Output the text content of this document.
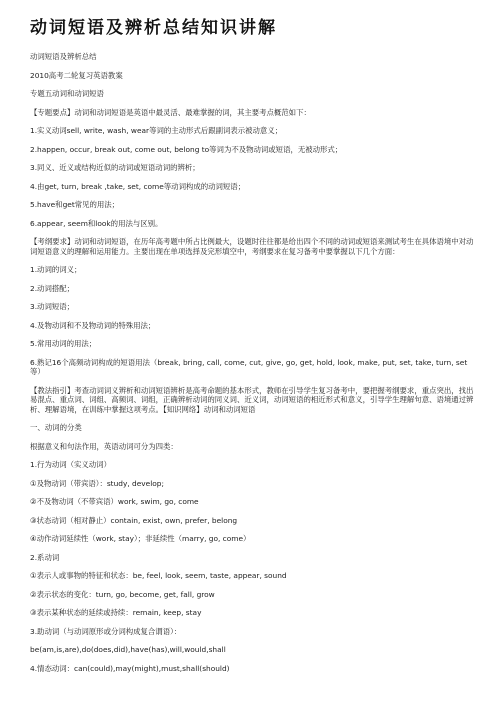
动词短语及辨析总结知识讲解

动词短语及辨析总结

2010高考二轮复习英语教案

专题五动词和动词短语

【专题要点】动词和动词短语是英语中最灵活、最难掌握的词，其主要考点概范如下：

1.实义动词sell, write, wash, wear等词的主动形式后跟副词表示被动意义；

2.happen, occur, break out, come out, belong to等词为不及物动词或短语，无被动形式；

3.同义、近义或结构近似的动词或短语动词的辨析；

4.由get, turn, break ,take, set, come等动词构成的动词短语；

5.have和get常见的用法；

6.appear, seem和look的用法与区别。

【考纲要求】动词和动词短语，在历年高考题中所占比例最大，设题时往往都是给出四个不同的动词或短语来测试考生在具体语境中对动词短语意义的理解和运用能力。主要出现在单项选择及完形填空中，考纲要求在复习备考中要掌握以下几个方面：

1.动词的词义；

2.动词搭配；

3.动词短语；

4.及物动词和不及物动词的特殊用法；

5.常用动词的用法；

6.熟记16个高频动词构成的短语用法（break, bring, call, come, cut, give, go, get, hold, look, make, put, set, take, turn, set等）

【教法指引】考查动词词义辨析和动词短语辨析是高考命题的基本形式，教师在引导学生复习备考中，要把握考纲要求，重点突出，找出易混点、重点词、词组、高频词、词组，正确辨析动词的同义词、近义词，动词短语的相近形式和意义，引导学生理解句意、语境通过辨析、理解语境，在训练中掌握这项考点。【知识网络】动词和动词短语

一、动词的分类

根据意义和句法作用，英语动词可分为四类：

1.行为动词（实义动词）

①及物动词（带宾语）：study, develop;

②不及物动词（不带宾语）work, swim, go, come

③状态动词（相对静止）contain, exist, own, prefer, belong

④动作动词延续性（work, stay）；非延续性（marry, go, come）

2.系动词

①表示人或事物的特征和状态：be, feel, look, seem, taste, appear, sound

②表示状态的变化：turn, go, become, get, fall, grow

③表示某种状态的延续或持续：remain, keep, stay

3.助动词（与动词原形或分词构成复合谓语）：

be(am,is,are),do(does,did),have(has),will,would,shall

4.情态动词：can(could),may(might),must,shall(should)
